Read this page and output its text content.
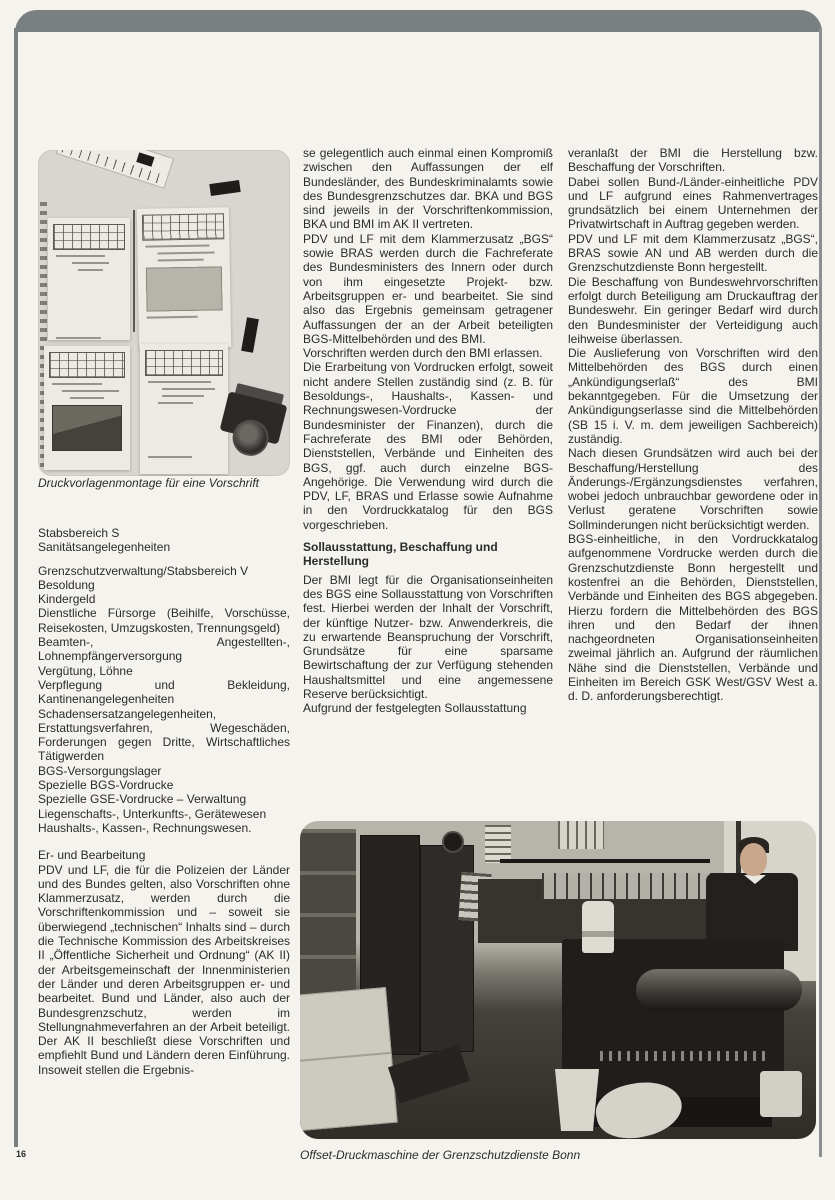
16

Druckvorlagenmontage für eine Vorschrift

Stabsbereich S

Sanitätsangelegenheiten

Grenzschutzverwaltung/Stabsbereich V

Besoldung

Kindergeld

Dienstliche Fürsorge (Beihilfe, Vorschüsse, Reisekosten, Umzugskosten, Trennungsgeld)

Beamten-, Angestellten-, Lohnempfängerversorgung

Vergütung, Löhne

Verpflegung und Bekleidung, Kantinenangelegenheiten

Schadensersatzangelegenheiten, Erstattungsverfahren, Wegeschäden, Forderungen gegen Dritte, Wirtschaftliches Tätigwerden

BGS-Versorgungslager

Spezielle BGS-Vordrucke

Spezielle GSE-Vordrucke – Verwaltung

Liegenschafts-, Unterkunfts-, Gerätewesen

Haushalts-, Kassen-, Rechnungswesen.

Er- und Bearbeitung

PDV und LF, die für die Polizeien der Länder und des Bundes gelten, also Vorschriften ohne Klammerzusatz, werden durch die Vorschriftenkommission und – soweit sie überwiegend „technischen“ Inhalts sind – durch die Technische Kommission des Arbeitskreises II „Öffentliche Sicherheit und Ordnung“ (AK II) der Arbeitsgemeinschaft der Innenministerien der Länder und deren Arbeitsgruppen er- und bearbeitet. Bund und Länder, also auch der Bundesgrenzschutz, werden im Stellungnahmeverfahren an der Arbeit beteiligt. Der AK II beschließt diese Vorschriften und empfiehlt Bund und Ländern deren Einführung. Insoweit stellen die Ergebnis-

se gelegentlich auch einmal einen Kompromiß zwischen den Auffassungen der elf Bundesländer, des Bundeskriminalamts sowie des Bundesgrenzschutzes dar. BKA und BGS sind jeweils in der Vorschriftenkommission, BKA und BMI im AK II vertreten.

PDV und LF mit dem Klammerzusatz „BGS“ sowie BRAS werden durch die Fachreferate des Bundesministers des Innern oder durch von ihm eingesetzte Projekt- bzw. Arbeitsgruppen er- und bearbeitet. Sie sind also das Ergebnis gemeinsam getragener Auffassungen der an der Arbeit beteiligten BGS-Mittelbehörden und des BMI.

Vorschriften werden durch den BMI erlassen.

Die Erarbeitung von Vordrucken erfolgt, soweit nicht andere Stellen zuständig sind (z. B. für Besoldungs-, Haushalts-, Kassen- und Rechnungswesen-Vordrucke der Bundesminister der Finanzen), durch die Fachreferate des BMI oder Behörden, Dienststellen, Verbände und Einheiten des BGS, ggf. auch durch einzelne BGS-Angehörige. Die Verwendung wird durch die PDV, LF, BRAS und Erlasse sowie Aufnahme in den Vordruckkatalog für den BGS vorgeschrieben.

Sollausstattung, Beschaffung und Herstellung

Der BMI legt für die Organisationseinheiten des BGS eine Sollausstattung von Vorschriften fest. Hierbei werden der Inhalt der Vorschrift, der künftige Nutzer- bzw. Anwenderkreis, die zu erwartende Beanspruchung der Vorschrift, Grundsätze für eine sparsame Bewirtschaftung der zur Verfügung stehenden Haushaltsmittel und eine angemessene Reserve berücksichtigt.

Aufgrund der festgelegten Sollausstattung

veranlaßt der BMI die Herstellung bzw. Beschaffung der Vorschriften.

Dabei sollen Bund-/Länder-einheitliche PDV und LF aufgrund eines Rahmenvertrages grundsätzlich bei einem Unternehmen der Privatwirtschaft in Auftrag gegeben werden.

PDV und LF mit dem Klammerzusatz „BGS“, BRAS sowie AN und AB werden durch die Grenzschutzdienste Bonn hergestellt.

Die Beschaffung von Bundeswehrvorschriften erfolgt durch Beteiligung am Druckauftrag der Bundeswehr. Ein geringer Bedarf wird durch den Bundesminister der Verteidigung auch leihweise überlassen.

Die Auslieferung von Vorschriften wird den Mittelbehörden des BGS durch einen „Ankündigungserlaß“ des BMI bekanntgegeben. Für die Umsetzung der Ankündigungserlasse sind die Mittelbehörden (SB 15 i. V. m. dem jeweiligen Sachbereich) zuständig.

Nach diesen Grundsätzen wird auch bei der Beschaffung/Herstellung des Änderungs-/Ergänzungsdienstes verfahren, wobei jedoch unbrauchbar gewordene oder in Verlust geratene Vorschriften sowie Sollminderungen nicht berücksichtigt werden.

BGS-einheitliche, in den Vordruckkatalog aufgenommene Vordrucke werden durch die Grenzschutzdienste Bonn hergestellt und kostenfrei an die Behörden, Dienststellen, Verbände und Einheiten des BGS abgegeben. Hierzu fordern die Mittelbehörden des BGS ihren und den Bedarf der ihnen nachgeordneten Organisationseinheiten zweimal jährlich an. Aufgrund der räumlichen Nähe sind die Dienststellen, Verbände und Einheiten im Bereich GSK West/GSV West a. d. D. anforderungsberechtigt.

Offset-Druckmaschine der Grenzschutzdienste Bonn
